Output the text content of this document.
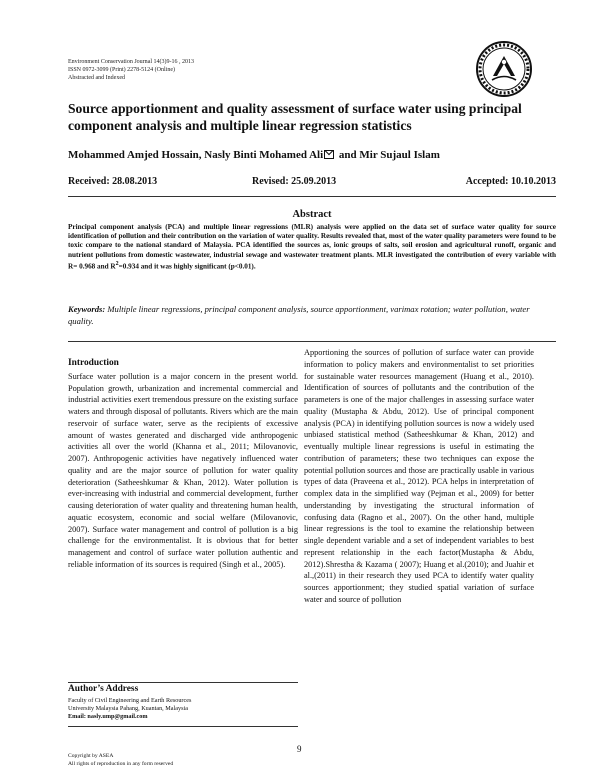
Environment Conservation Journal 14(3)9-16 , 2013
ISSN 0972-3099 (Print) 2278-5124 (Online)
Abstracted and Indexed
Source apportionment and quality assessment of surface water using principal component analysis and multiple linear regression statistics
Mohammed Amjed Hossain, Nasly Binti Mohamed Ali and Mir Sujaul Islam
Received: 28.08.2013	Revised: 25.09.2013	Accepted: 10.10.2013
Abstract
Principal component analysis (PCA) and multiple linear regressions (MLR) analysis were applied on the data set of surface water quality for source identification of pollution and their contribution on the variation of water quality. Results revealed that, most of the water quality parameters were found to be toxic compare to the national standard of Malaysia. PCA identified the sources as, ionic groups of salts, soil erosion and agricultural runoff, organic and nutrient pollutions from domestic wastewater, industrial sewage and wastewater treatment plants. MLR investigated the contribution of every variable with R= 0.968 and $R^2=0.934$ and it was highly significant (p<0.01).
Keywords: Multiple linear regressions, principal component analysis, source apportionment, varimax rotation; water pollution, water quality.
Introduction

Surface water pollution is a major concern in the present world. Population growth, urbanization and incremental commercial and industrial activities exert tremendous pressure on the existing surface waters and through disposal of pollutants. Rivers which are the main reservoir of surface water, serve as the recipients of excessive amount of wastes generated and discharged vide anthropogenic activities all over the world (Khanna et al., 2011; Milovanovic, 2007). Anthropogenic activities have negatively influenced water quality and are the major source of pollution for water quality deterioration (Satheeshkumar & Khan, 2012). Water pollution is ever-increasing with industrial and commercial development, further causing deterioration of water quality and threatening human health, aquatic ecosystem, economic and social welfare (Milovanovic, 2007). Surface water management and control of pollution is a big challenge for the environmentalist. It is obvious that for better management and control of surface water pollution authentic and reliable information of its sources is required (Singh et al., 2005).

Apportioning the sources of pollution of surface water can provide information to policy makers and environmentalist to set priorities for sustainable water resources management (Huang et al., 2010). Identification of sources of pollutants and the contribution of the parameters is one of the major challenges in assessing surface water quality (Mustapha & Abdu, 2012). Use of principal component analysis (PCA) in identifying pollution sources is now a widely used unbiased statistical method (Satheeshkumar & Khan, 2012) and eventually multiple linear regressions is useful in estimating the contribution of parameters; these two techniques can expose the potential pollution sources and those are practically usable in various types of data (Praveena et al., 2012). PCA helps in interpretation of complex data in the simplified way (Pejman et al., 2009) for better understanding by investigating the structural information of confusing data (Ragno et al., 2007). On the other hand, multiple linear regressions is the tool to examine the relationship between single dependent variable and a set of independent variables to best represent relationship in the each factor(Mustapha & Abdu, 2012).Shrestha & Kazama ( 2007); Huang et al.(2010); and Juahir et al.,(2011) in their research they used PCA to identify water quality sources apportionment; they studied spatial variation of surface water and source of pollution

Author’s Address
Faculty of Civil Engineering and Earth Resources
University Malaysia Pahang, Kuantan, Malaysia
Email: nasly.ump@gmail.com
9
Copyright by ASEA
All rights of reproduction in any form reserved
